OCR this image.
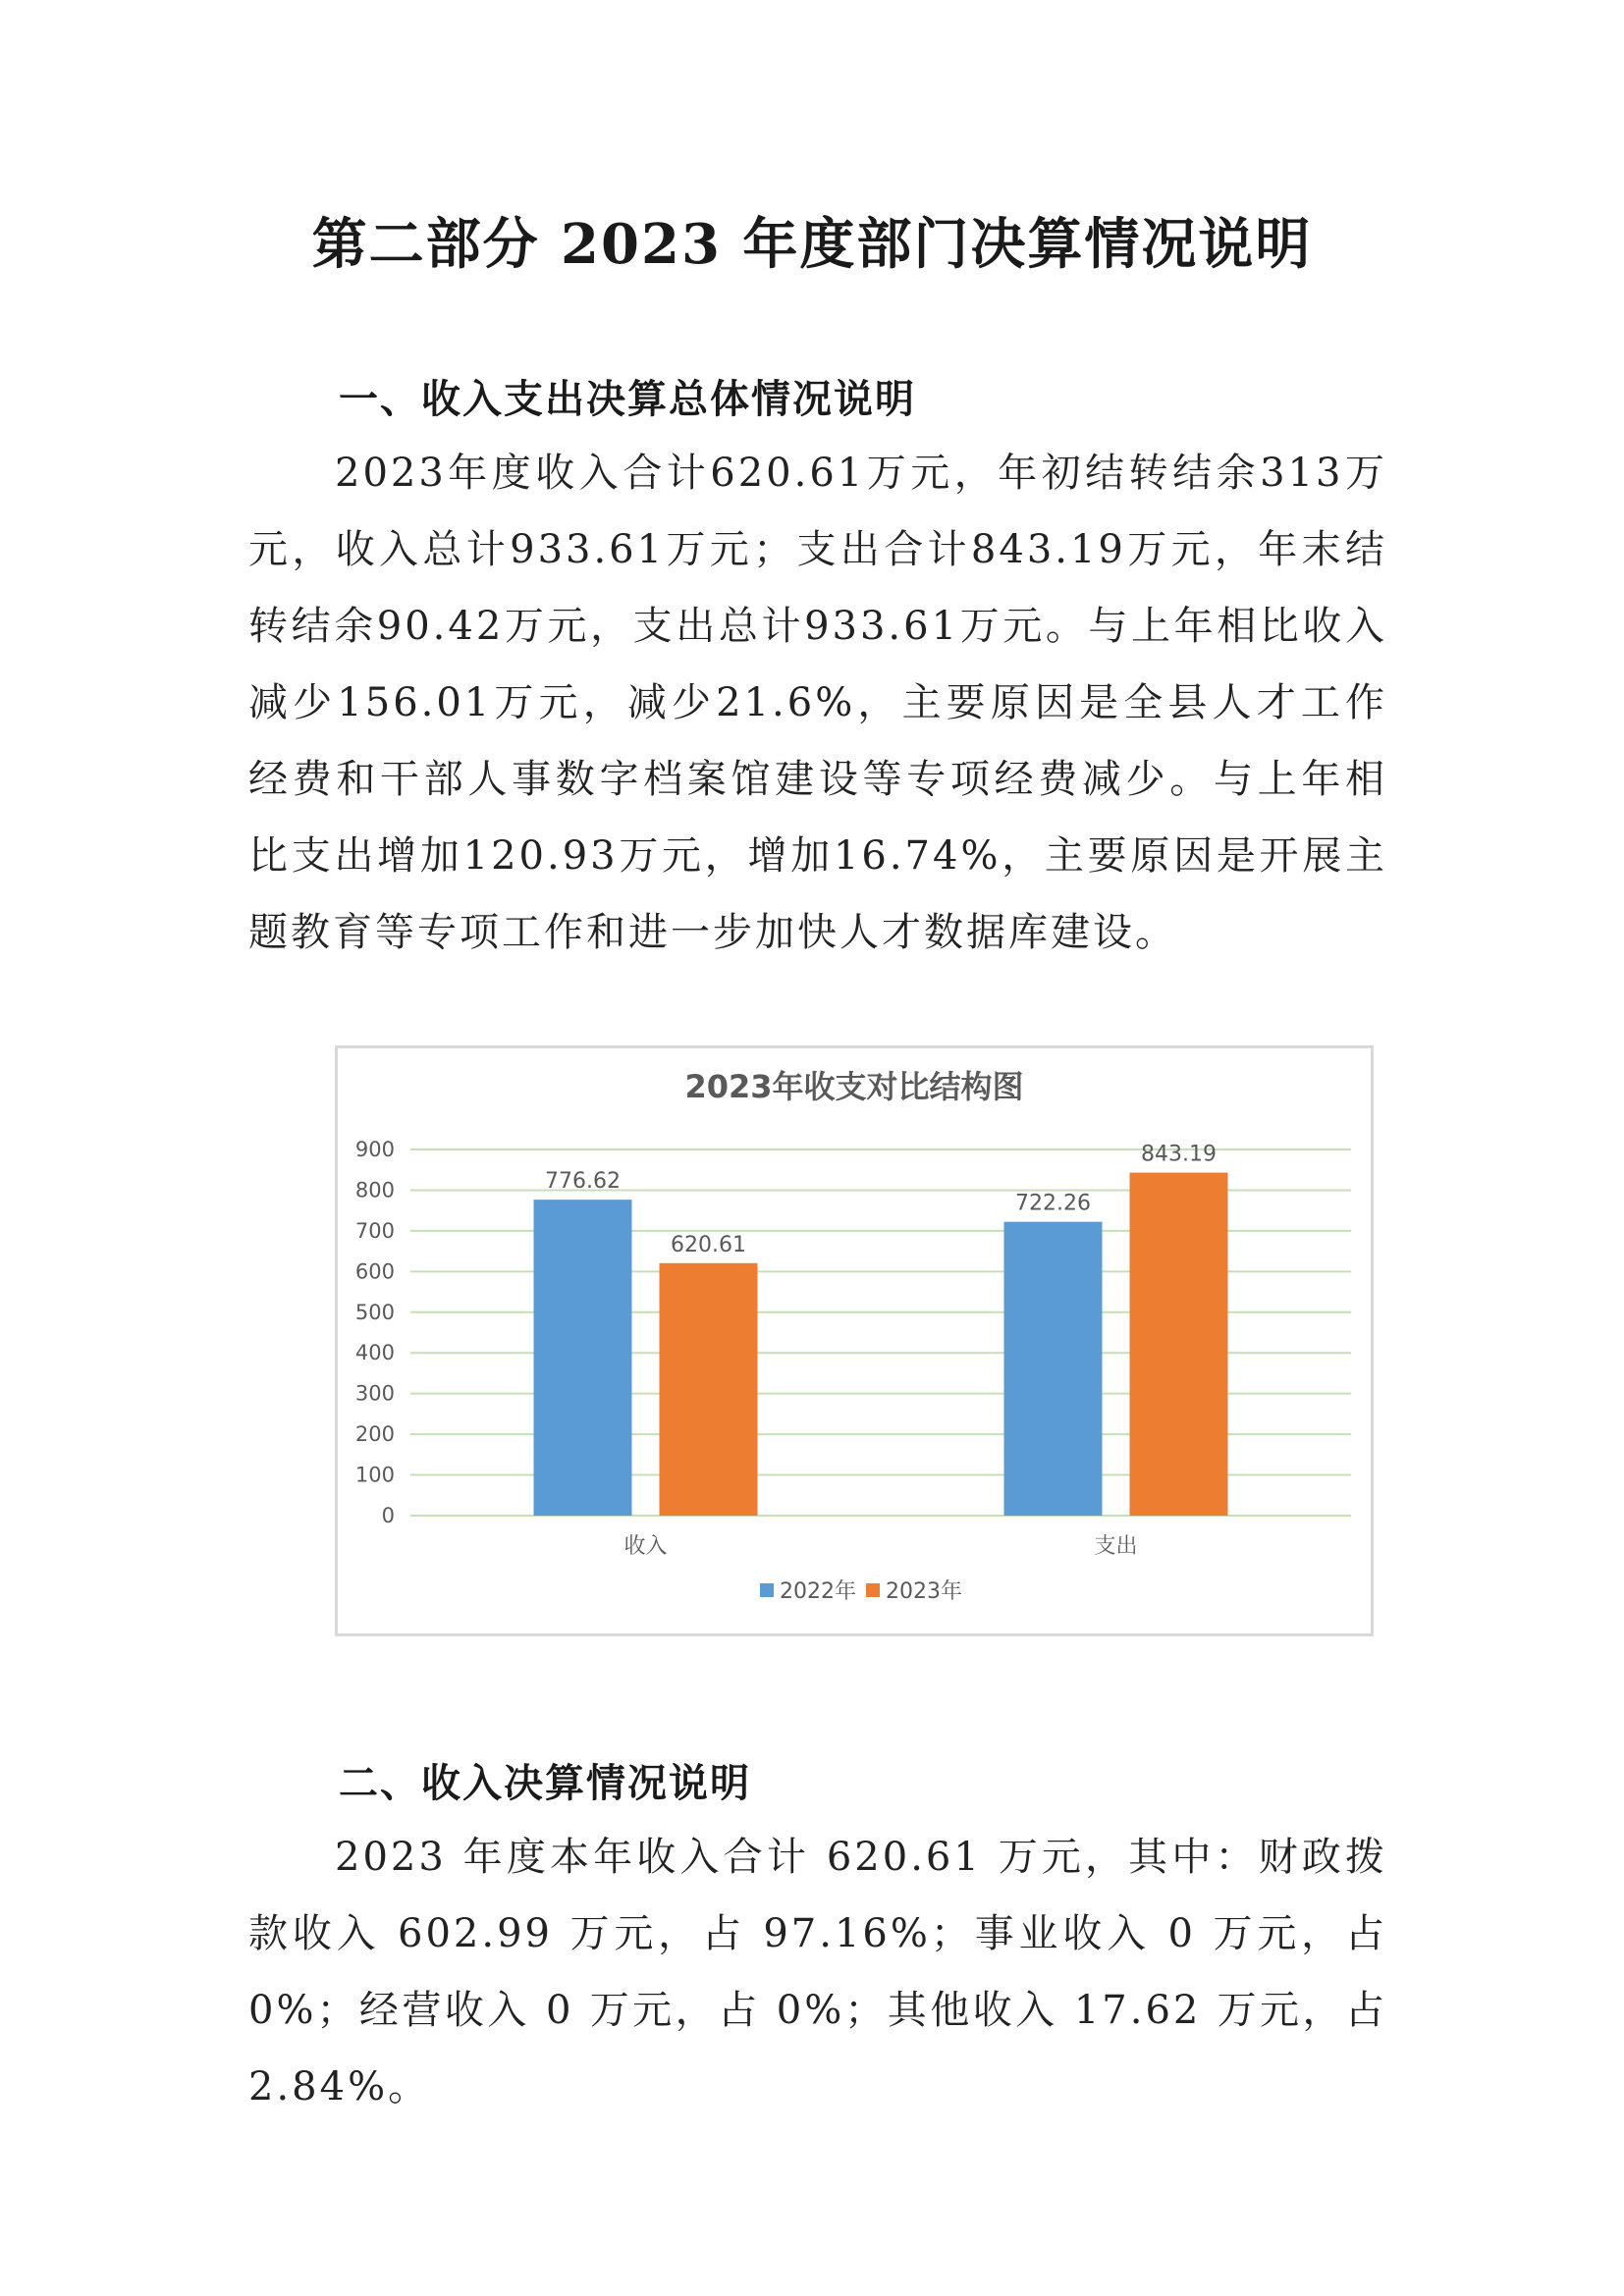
第二部分 2023 年度部门决算情况说明
一、收入支出决算总体情况说明

2023年度收入合计620.61万元，年初结转结余313万元，收入总计933.61万元；支出合计843.19万元，年末结转结余90.42万元，支出总计933.61万元。与上年相比收入减少156.01万元，减少21.6%，主要原因是全县人才工作经费和干部人事数字档案馆建设等专项经费减少。与上年相比支出增加120.93万元，增加16.74%，主要原因是开展主题教育等专项工作和进一步加快人才数据库建设。

2023年收支对比结构图
0
100
200
300
400
500
600
700
800
900
776.62
620.61
收入
722.26
843.19
支出
2022年 2023年
二、收入决算情况说明

2023 年度本年收入合计 620.61 万元，其中：财政拨款收入 602.99 万元，占 97.16%；事业收入 0 万元，占 0%；经营收入 0 万元，占 0%；其他收入 17.62 万元，占 2.84%。
